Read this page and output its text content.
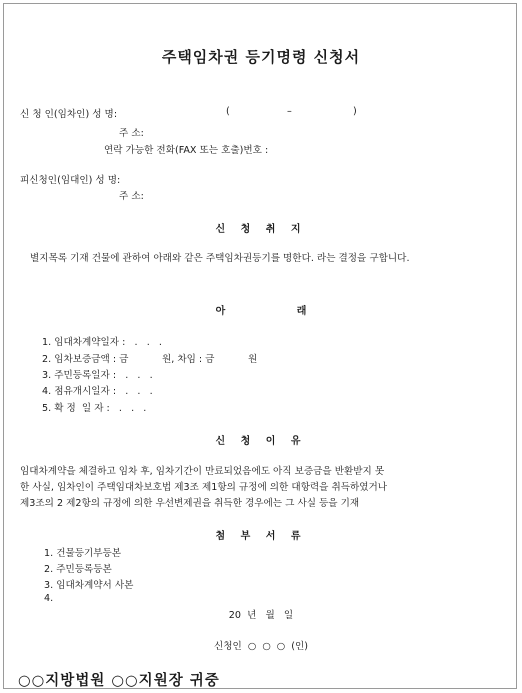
주택임차권 등기명령 신청서
신 청 인(임차인) 성 명:	(	–	)
주 소:
연락 가능한 전화(FAX 또는 호출)번호 :
피신청인(임대인) 성 명:
주 소:
신 청 취 지
별지목록 기재 건물에 관하여 아래와 같은 주택임차권등기를 명한다. 라는 결정을 구합니다.
아 래
1. 임대차계약일자 :   .   .   .
2. 임차보증금액 : 금           원, 차임 : 금           원
3. 주민등록일자 :   .   .   .
4. 점유개시일자 :   .   .   .
5. 확 정  일 자 :   .   .   .
신 청 이 유
임대차계약을 체결하고 임차 후, 임차기간이 만료되었음에도 아직 보증금을 반환받지 못
한 사실, 임차인이 주택임대차보호법 제3조 제1항의 규정에 의한 대항력을 취득하였거나
제3조의 2 제2항의 규정에 의한 우선변제권을 취득한 경우에는 그 사실 등을 기재
첨 부 서 류
1. 건물등기부등본
2. 주민등록등본
3. 임대차계약서 사본
4.
20  년   월   일
신청인  ○  ○  ○  (인)
○○지방법원 ○○지원장 귀중
